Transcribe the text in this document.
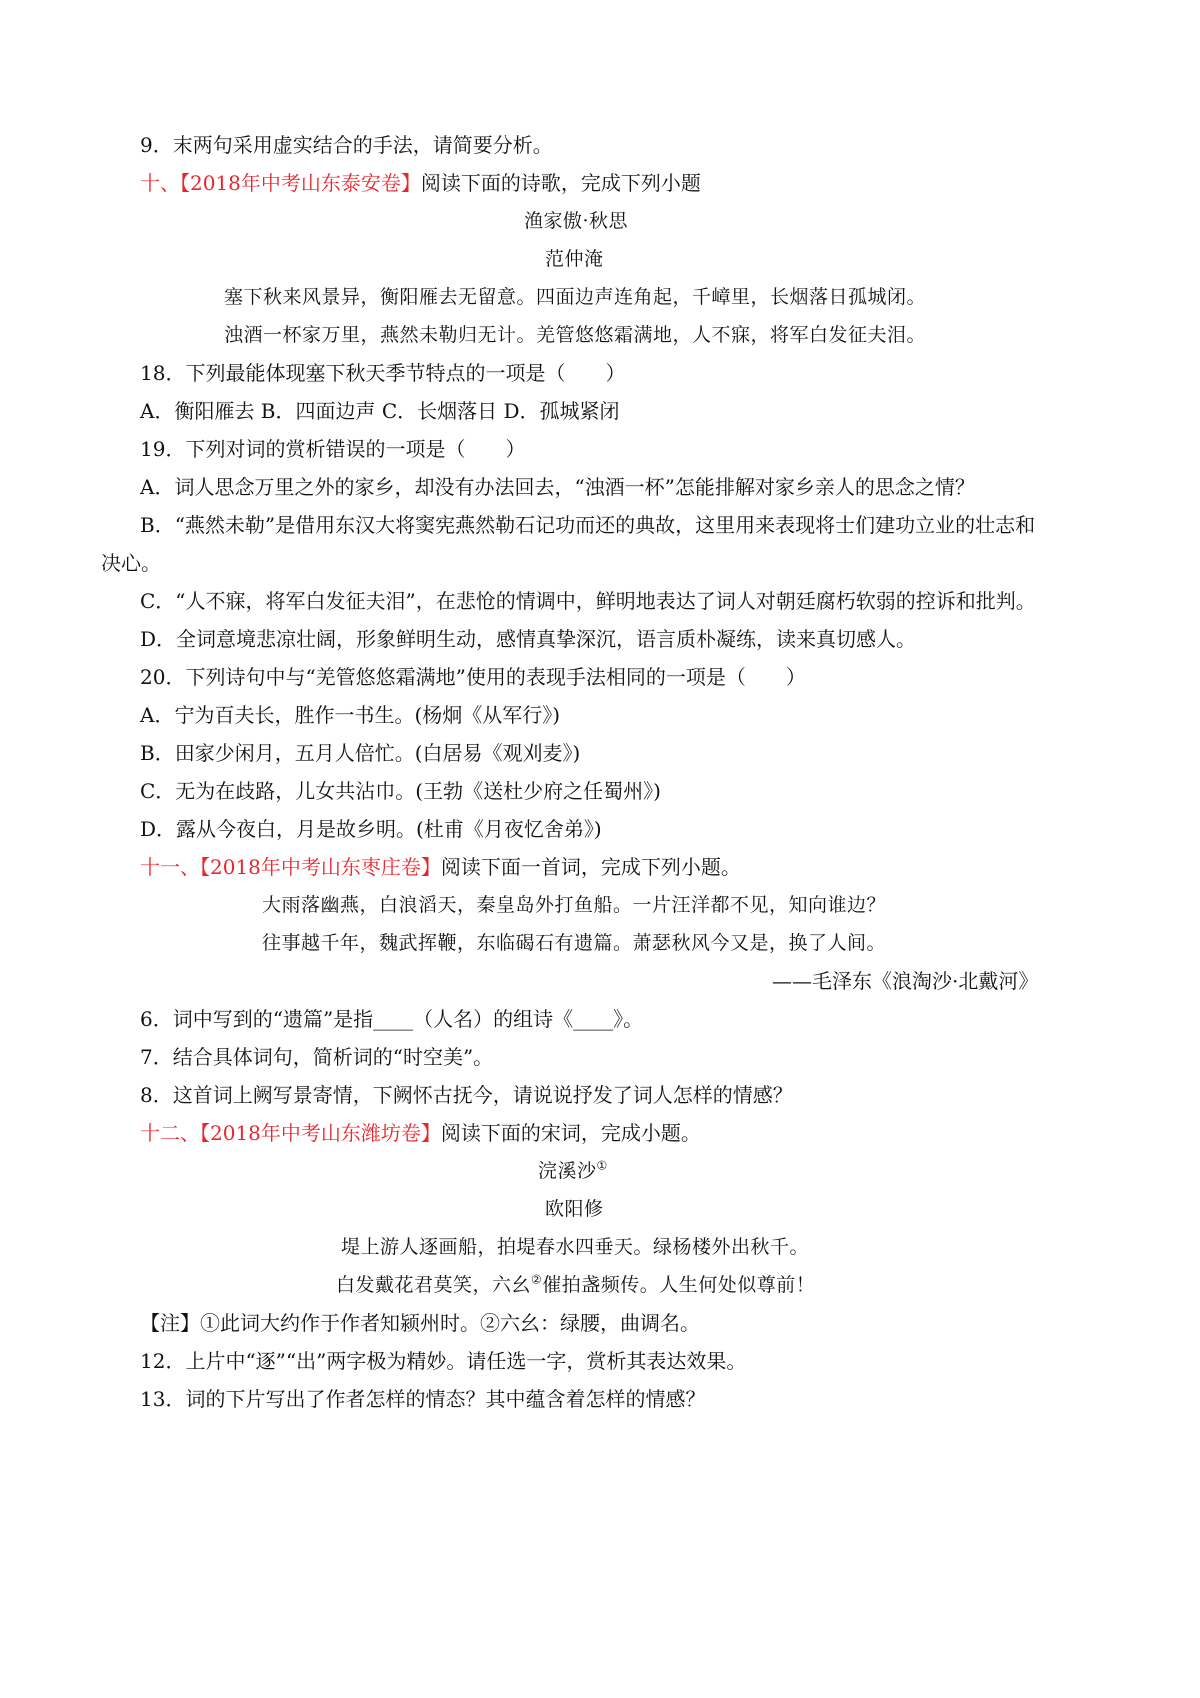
9．末两句采用虚实结合的手法，请简要分析。
十、【2018年中考山东泰安卷】阅读下面的诗歌，完成下列小题
渔家傲·秋思
范仲淹
塞下秋来风景异，衡阳雁去无留意。四面边声连角起，千嶂里，长烟落日孤城闭。
浊酒一杯家万里，燕然未勒归无计。羌管悠悠霜满地，人不寐，将军白发征夫泪。
18．下列最能体现塞下秋天季节特点的一项是（　　）
A．衡阳雁去 B．四面边声 C．长烟落日 D．孤城紧闭
19．下列对词的赏析错误的一项是（　　）
A．词人思念万里之外的家乡，却没有办法回去，“浊酒一杯”怎能排解对家乡亲人的思念之情？
B．“燕然未勒”是借用东汉大将窦宪燕然勒石记功而还的典故，这里用来表现将士们建功立业的壮志和
决心。
C．“人不寐，将军白发征夫泪”，在悲怆的情调中，鲜明地表达了词人对朝廷腐朽软弱的控诉和批判。
D．全词意境悲凉壮阔，形象鲜明生动，感情真挚深沉，语言质朴凝练，读来真切感人。
20．下列诗句中与“羌管悠悠霜满地”使用的表现手法相同的一项是（　　）
A．宁为百夫长，胜作一书生。(杨炯《从军行》)
B．田家少闲月，五月人倍忙。(白居易《观刈麦》)
C．无为在歧路，儿女共沾巾。(王勃《送杜少府之任蜀州》)
D．露从今夜白，月是故乡明。(杜甫《月夜忆舍弟》)
十一、【2018年中考山东枣庄卷】阅读下面一首词，完成下列小题。
大雨落幽燕，白浪滔天，秦皇岛外打鱼船。一片汪洋都不见，知向谁边？
往事越千年，魏武挥鞭，东临碣石有遗篇。萧瑟秋风今又是，换了人间。
——毛泽东《浪淘沙·北戴河》
6．词中写到的“遗篇”是指____（人名）的组诗《____》。
7．结合具体词句，简析词的“时空美”。
8．这首词上阙写景寄情，下阙怀古抚今，请说说抒发了词人怎样的情感？
十二、【2018年中考山东潍坊卷】阅读下面的宋词，完成小题。
浣溪沙①
欧阳修
堤上游人逐画船，拍堤春水四垂天。绿杨楼外出秋千。
白发戴花君莫笑，六幺②催拍盏频传。人生何处似尊前！
【注】①此词大约作于作者知颍州时。②六幺：绿腰，曲调名。
12．上片中“逐”“出”两字极为精妙。请任选一字，赏析其表达效果。
13．词的下片写出了作者怎样的情态？其中蕴含着怎样的情感？
